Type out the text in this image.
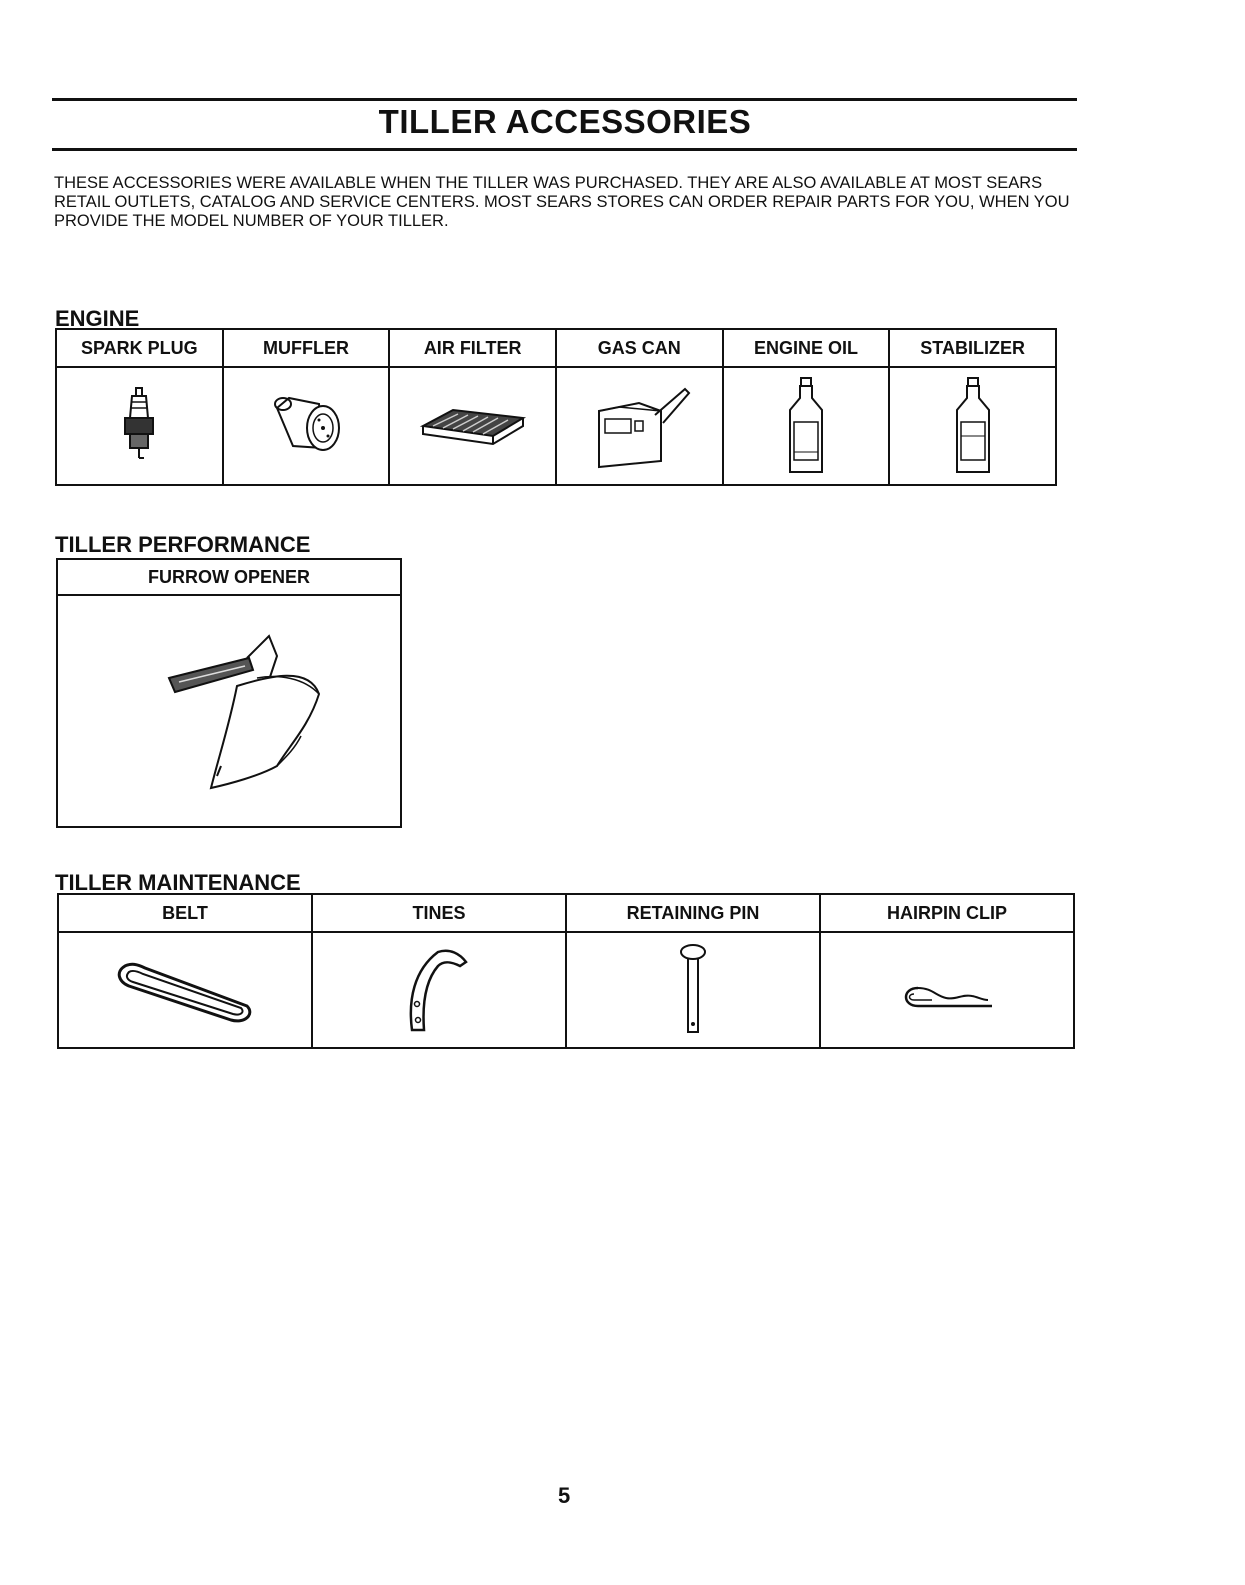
TILLER ACCESSORIES
THESE ACCESSORIES WERE AVAILABLE WHEN THE TILLER WAS PURCHASED. THEY ARE ALSO AVAILABLE AT MOST SEARS RETAIL OUTLETS, CATALOG AND SERVICE CENTERS. MOST SEARS STORES CAN ORDER REPAIR PARTS FOR YOU, WHEN YOU PROVIDE THE MODEL NUMBER OF YOUR TILLER.
ENGINE
SPARK PLUG	MUFFLER	AIR FILTER	GAS CAN	ENGINE OIL	STABILIZER

TILLER PERFORMANCE
FURROW OPENER

TILLER MAINTENANCE
BELT	TINES	RETAINING PIN	HAIRPIN CLIP

5
